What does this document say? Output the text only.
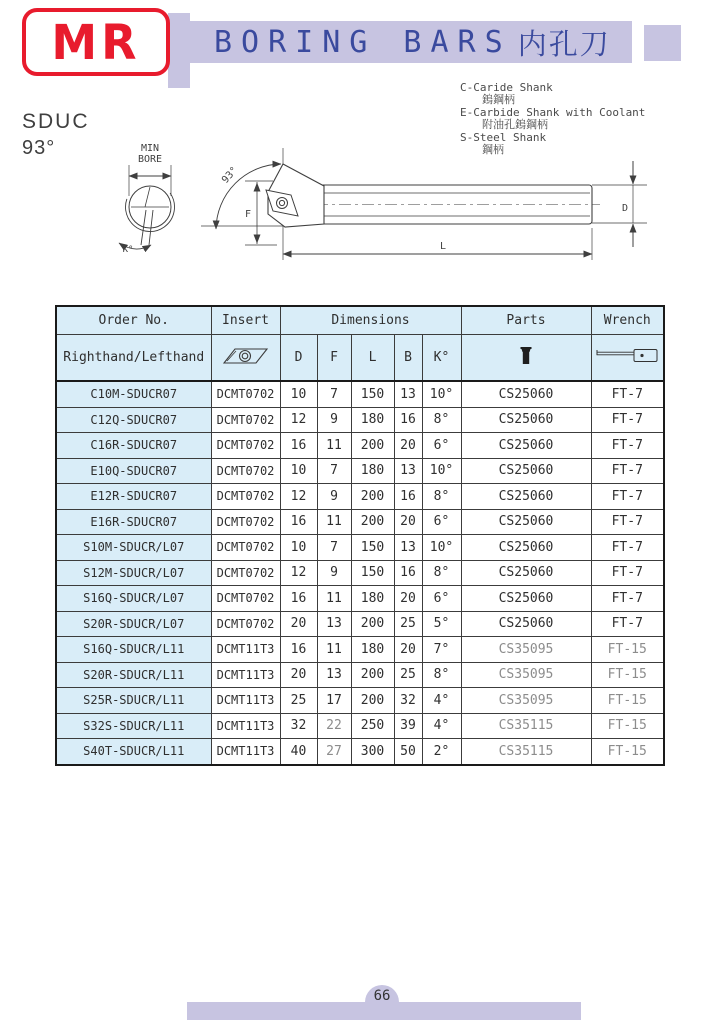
BORING BARS 内孔刀
MR
SDUC
93°
C-Caride Shank
鎢鋼柄
E-Carbide Shank with Coolant
附油孔鎢鋼柄
S-Steel Shank
鋼柄
MIN
BORE
K°
93°
F
L
D
Order No.	Insert	Dimensions					Parts	Wrench
Righthand/Lefthand		D	F	L	B	K°		
C10M-SDUCR07	DCMT0702	10	7	150	13	10°	CS25060	FT-7
C12Q-SDUCR07	DCMT0702	12	9	180	16	8°	CS25060	FT-7
C16R-SDUCR07	DCMT0702	16	11	200	20	6°	CS25060	FT-7
E10Q-SDUCR07	DCMT0702	10	7	180	13	10°	CS25060	FT-7
E12R-SDUCR07	DCMT0702	12	9	200	16	8°	CS25060	FT-7
E16R-SDUCR07	DCMT0702	16	11	200	20	6°	CS25060	FT-7
S10M-SDUCR/L07	DCMT0702	10	7	150	13	10°	CS25060	FT-7
S12M-SDUCR/L07	DCMT0702	12	9	150	16	8°	CS25060	FT-7
S16Q-SDUCR/L07	DCMT0702	16	11	180	20	6°	CS25060	FT-7
S20R-SDUCR/L07	DCMT0702	20	13	200	25	5°	CS25060	FT-7
S16Q-SDUCR/L11	DCMT11T3	16	11	180	20	7°	CS35095	FT-15
S20R-SDUCR/L11	DCMT11T3	20	13	200	25	8°	CS35095	FT-15
S25R-SDUCR/L11	DCMT11T3	25	17	200	32	4°	CS35095	FT-15
S32S-SDUCR/L11	DCMT11T3	32	22	250	39	4°	CS35115	FT-15
S40T-SDUCR/L11	DCMT11T3	40	27	300	50	2°	CS35115	FT-15
66
